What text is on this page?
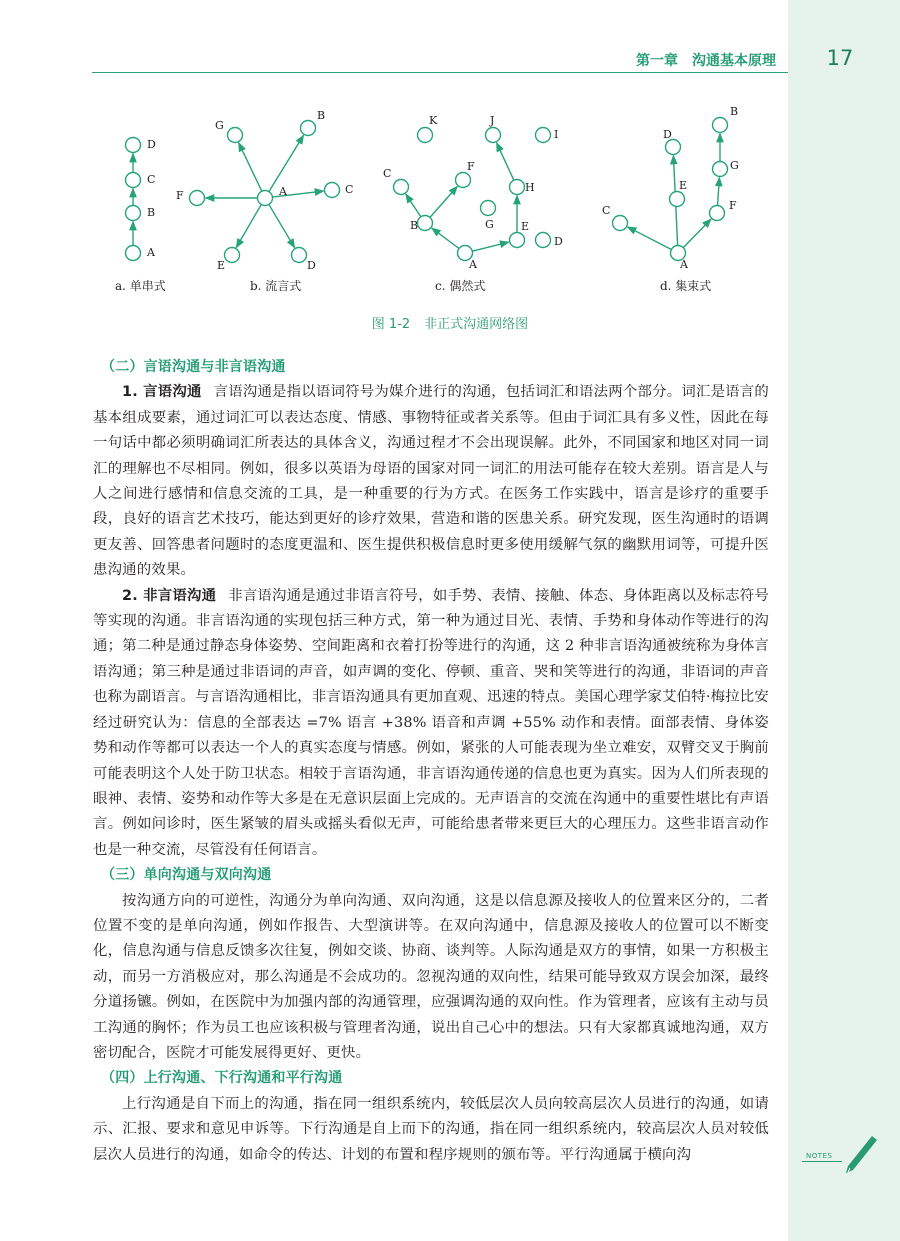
第一章　沟通基本原理	17
A
B
C
D
a. 单串式
A
B
C
D
E
F
G
b. 流言式
A
B
C
D
E
F
G
H
I
J
K
c. 偶然式
A
B
C
D
E
F
G
d. 集束式
图 1-2 非正式沟通网络图

（二）言语沟通与非言语沟通

1. 言语沟通 言语沟通是指以语词符号为媒介进行的沟通，包括词汇和语法两个部分。词汇是语言的基本组成要素，通过词汇可以表达态度、情感、事物特征或者关系等。但由于词汇具有多义性，因此在每一句话中都必须明确词汇所表达的具体含义，沟通过程才不会出现误解。此外，不同国家和地区对同一词汇的理解也不尽相同。例如，很多以英语为母语的国家对同一词汇的用法可能存在较大差别。语言是人与人之间进行感情和信息交流的工具，是一种重要的行为方式。在医务工作实践中，语言是诊疗的重要手段，良好的语言艺术技巧，能达到更好的诊疗效果，营造和谐的医患关系。研究发现，医生沟通时的语调更友善、回答患者问题时的态度更温和、医生提供积极信息时更多使用缓解气氛的幽默用词等，可提升医患沟通的效果。

2. 非言语沟通 非言语沟通是通过非语言符号，如手势、表情、接触、体态、身体距离以及标志符号等实现的沟通。非言语沟通的实现包括三种方式，第一种为通过目光、表情、手势和身体动作等进行的沟通；第二种是通过静态身体姿势、空间距离和衣着打扮等进行的沟通，这 2 种非言语沟通被统称为身体言语沟通；第三种是通过非语词的声音，如声调的变化、停顿、重音、哭和笑等进行的沟通，非语词的声音也称为副语言。与言语沟通相比，非言语沟通具有更加直观、迅速的特点。美国心理学家艾伯特·梅拉比安经过研究认为：信息的全部表达 =7% 语言 +38% 语音和声调 +55% 动作和表情。面部表情、身体姿势和动作等都可以表达一个人的真实态度与情感。例如，紧张的人可能表现为坐立难安，双臂交叉于胸前可能表明这个人处于防卫状态。相较于言语沟通，非言语沟通传递的信息也更为真实。因为人们所表现的眼神、表情、姿势和动作等大多是在无意识层面上完成的。无声语言的交流在沟通中的重要性堪比有声语言。例如问诊时，医生紧皱的眉头或摇头看似无声，可能给患者带来更巨大的心理压力。这些非语言动作也是一种交流，尽管没有任何语言。

（三）单向沟通与双向沟通

按沟通方向的可逆性，沟通分为单向沟通、双向沟通，这是以信息源及接收人的位置来区分的，二者位置不变的是单向沟通，例如作报告、大型演讲等。在双向沟通中，信息源及接收人的位置可以不断变化，信息沟通与信息反馈多次往复，例如交谈、协商、谈判等。人际沟通是双方的事情，如果一方积极主动，而另一方消极应对，那么沟通是不会成功的。忽视沟通的双向性，结果可能导致双方误会加深，最终分道扬镳。例如，在医院中为加强内部的沟通管理，应强调沟通的双向性。作为管理者，应该有主动与员工沟通的胸怀；作为员工也应该积极与管理者沟通，说出自己心中的想法。只有大家都真诚地沟通，双方密切配合，医院才可能发展得更好、更快。

（四）上行沟通、下行沟通和平行沟通

上行沟通是自下而上的沟通，指在同一组织系统内，较低层次人员向较高层次人员进行的沟通，如请示、汇报、要求和意见申诉等。下行沟通是自上而下的沟通，指在同一组织系统内，较高层次人员对较低层次人员进行的沟通，如命令的传达、计划的布置和程序规则的颁布等。平行沟通属于横向沟	NOTES
